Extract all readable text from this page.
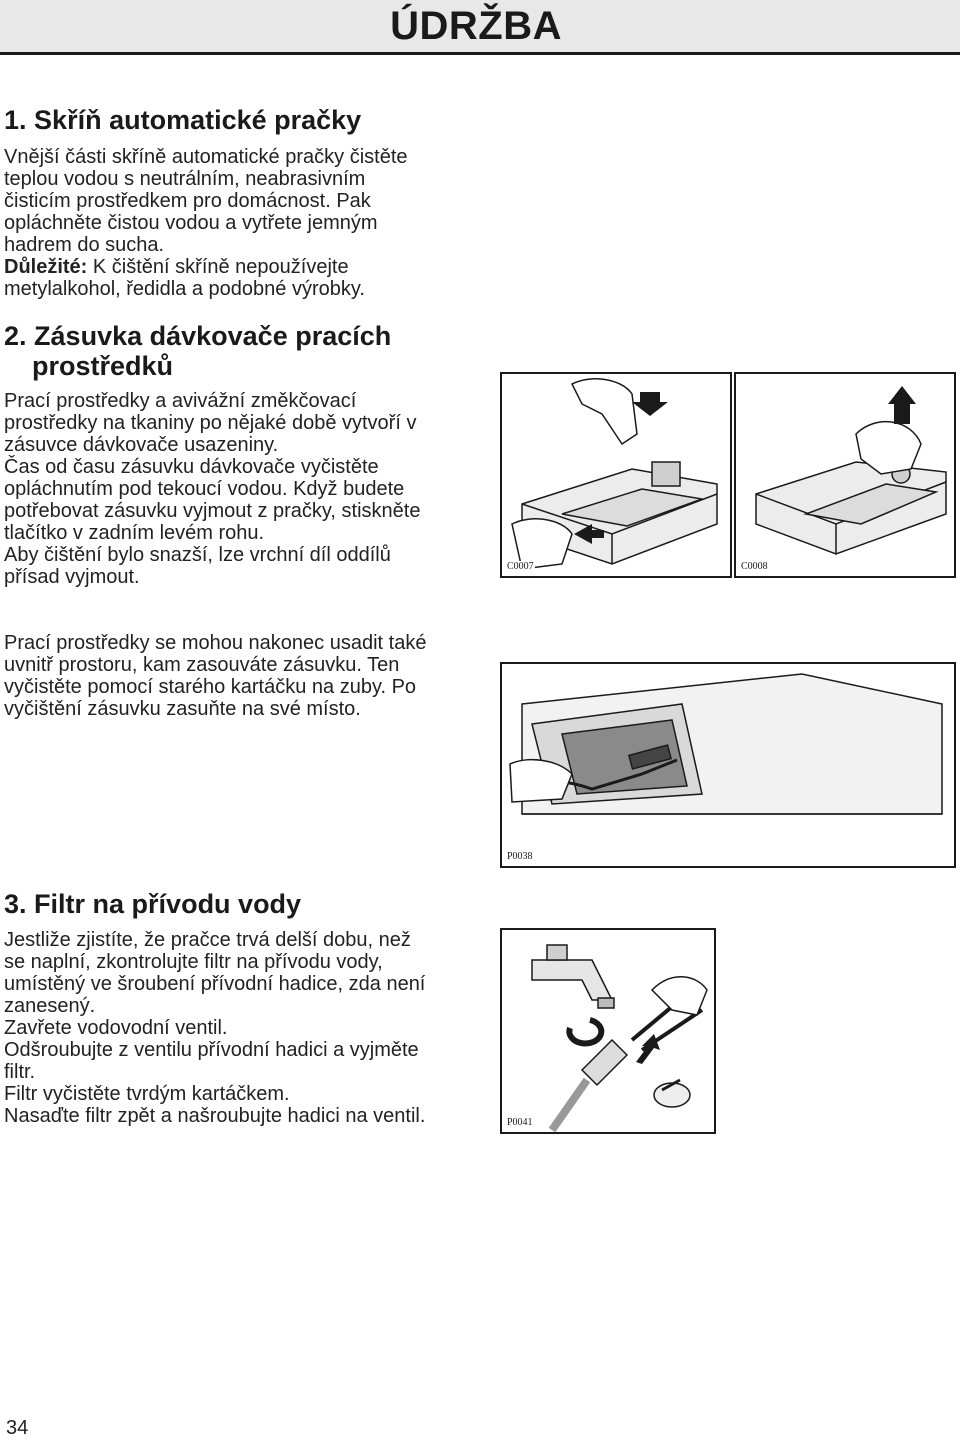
ÚDRŽBA
1. Skříň automatické pračky

Vnější části skříně automatické pračky čistěte

teplou vodou s neutrálním, neabrasivním

čisticím prostředkem pro domácnost. Pak

opláchněte čistou vodou a vytřete jemným

hadrem do sucha.

Důležité: K čištění skříně nepoužívejte

metylalkohol, ředidla a podobné výrobky.

2. Zásuvka dávkovače pracích
prostředků

Prací prostředky a avivážní změkčovací

prostředky na tkaniny po nějaké době vytvoří v

zásuvce dávkovače usazeniny.

Čas od času zásuvku dávkovače vyčistěte

opláchnutím pod tekoucí vodou. Když budete

potřebovat zásuvku vyjmout z pračky, stiskněte

tlačítko v zadním levém rohu.

Aby čištění bylo snazší, lze vrchní díl oddílů

přísad vyjmout.	C0007	C0008

Prací prostředky se mohou nakonec usadit také

uvnitř prostoru, kam zasouváte zásuvku. Ten

vyčistěte pomocí starého kartáčku na zuby. Po

vyčištění zásuvku zasuňte na své místo.

P0038
3. Filtr na přívodu vody

Jestliže zjistíte, že pračce trvá delší dobu, než

se naplní, zkontrolujte filtr na přívodu vody,

umístěný ve šroubení přívodní hadice, zda není

zanesený.

Zavřete vodovodní ventil.

Odšroubujte z ventilu přívodní hadici a vyjměte

filtr.

Filtr vyčistěte tvrdým kartáčkem.

Nasaďte filtr zpět a našroubujte hadici na ventil.	P0041
34
